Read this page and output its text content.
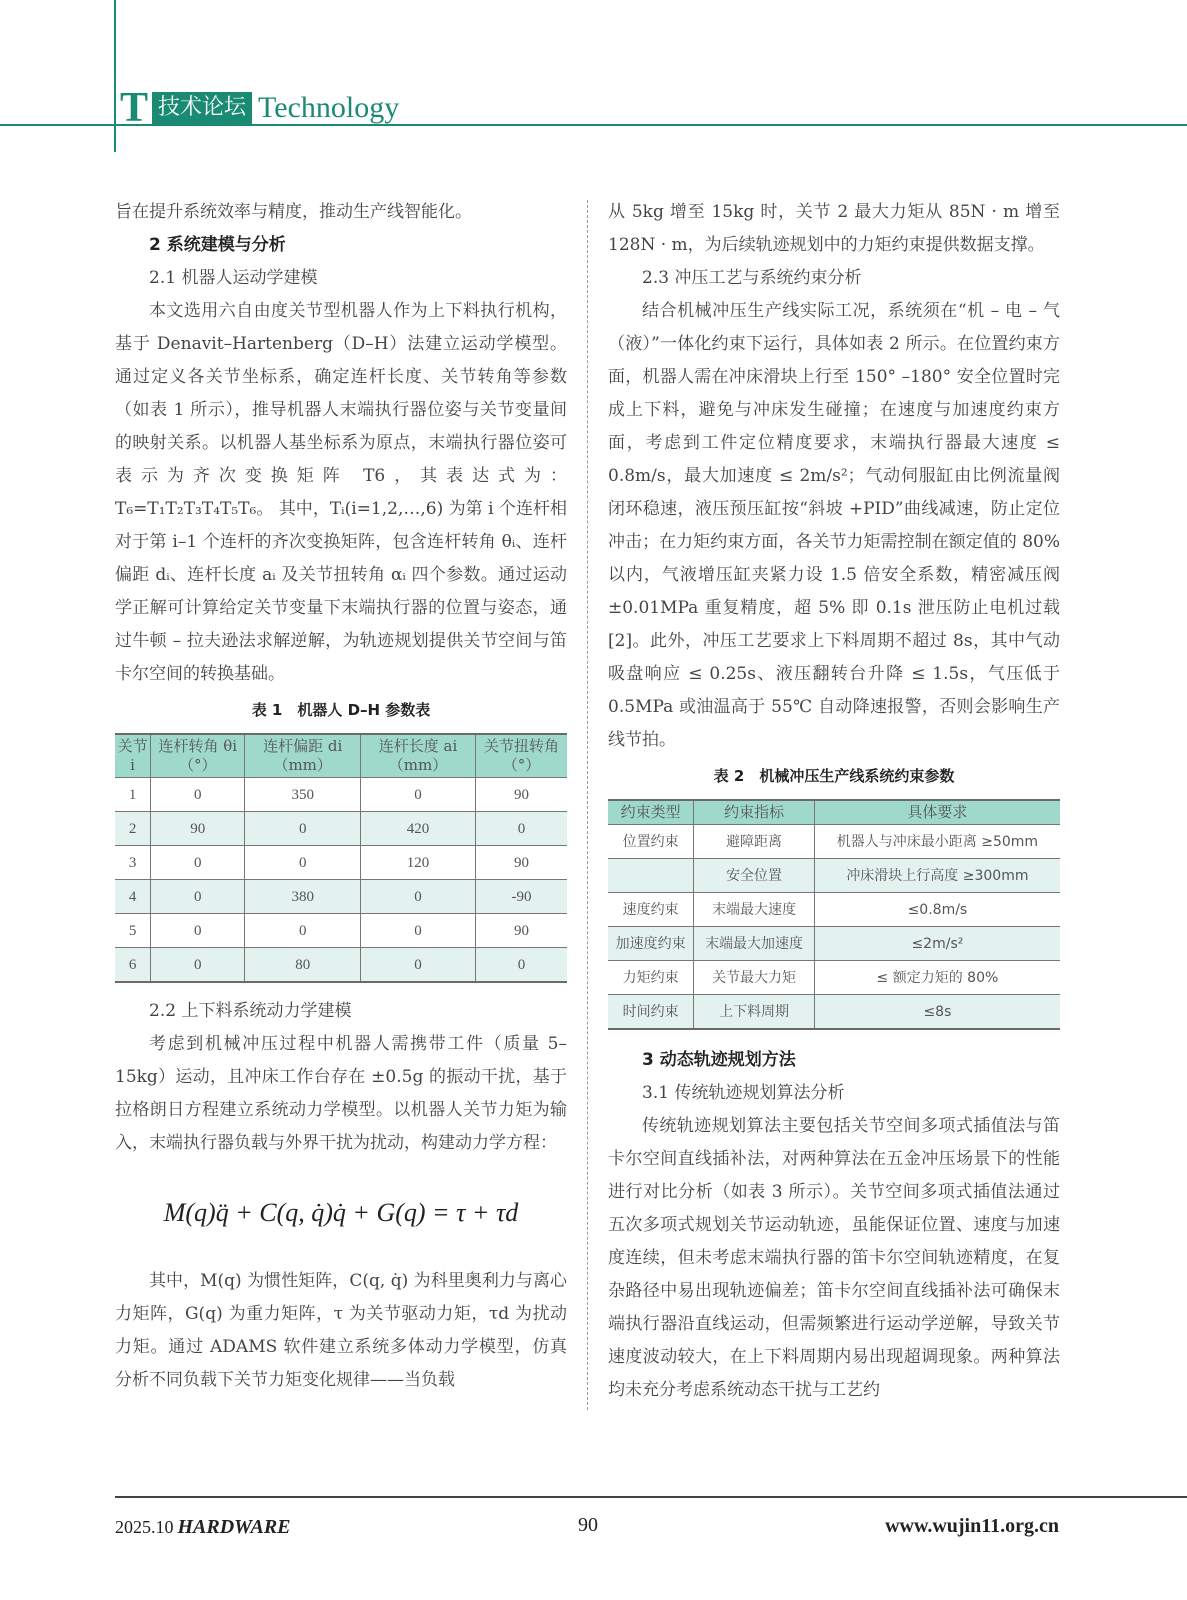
T 技术论坛 Technology

旨在提升系统效率与精度，推动生产线智能化。

2 系统建模与分析

2.1 机器人运动学建模

本文选用六自由度关节型机器人作为上下料执行机构，基于 Denavit–Hartenberg（D–H）法建立运动学模型。通过定义各关节坐标系，确定连杆长度、关节转角等参数（如表 1 所示），推导机器人末端执行器位姿与关节变量间的映射关系。以机器人基坐标系为原点，末端执行器位姿可表示为齐次变换矩阵 T6，其表达式为： T₆=T₁T₂T₃T₄T₅T₆。 其中，Tᵢ(i=1,2,…,6) 为第 i 个连杆相对于第 i–1 个连杆的齐次变换矩阵，包含连杆转角 θᵢ、连杆偏距 dᵢ、连杆长度 aᵢ 及关节扭转角 αᵢ 四个参数。通过运动学正解可计算给定关节变量下末端执行器的位置与姿态，通过牛顿 – 拉夫逊法求解逆解，为轨迹规划提供关节空间与笛卡尔空间的转换基础。

表 1　机器人 D–H 参数表
关节 i	连杆转角 θi（°）	连杆偏距 di（mm）	连杆长度 ai（mm）	关节扭转角（°）
1	0	350	0	90
2	90	0	420	0
3	0	0	120	90
4	0	380	0	-90
5	0	0	0	90
6	0	80	0	0

2.2 上下料系统动力学建模

考虑到机械冲压过程中机器人需携带工件（质量 5–15kg）运动，且冲床工作台存在 ±0.5g 的振动干扰，基于拉格朗日方程建立系统动力学模型。以机器人关节力矩为输入，末端执行器负载与外界干扰为扰动，构建动力学方程：

M(q)q̈ + C(q, q̇)q̇ + G(q) = τ + τd

其中，M(q) 为惯性矩阵，C(q, q̇) 为科里奥利力与离心力矩阵，G(q) 为重力矩阵，τ 为关节驱动力矩，τd 为扰动力矩。通过 ADAMS 软件建立系统多体动力学模型，仿真分析不同负载下关节力矩变化规律——当负载

从 5kg 增至 15kg 时，关节 2 最大力矩从 85N · m 增至 128N · m，为后续轨迹规划中的力矩约束提供数据支撑。

2.3 冲压工艺与系统约束分析

结合机械冲压生产线实际工况，系统须在“机 – 电 – 气（液）”一体化约束下运行，具体如表 2 所示。在位置约束方面，机器人需在冲床滑块上行至 150° –180° 安全位置时完成上下料，避免与冲床发生碰撞；在速度与加速度约束方面，考虑到工件定位精度要求，末端执行器最大速度 ≤ 0.8m/s，最大加速度 ≤ 2m/s²；气动伺服缸由比例流量阀闭环稳速，液压预压缸按“斜坡 +PID”曲线减速，防止定位冲击；在力矩约束方面，各关节力矩需控制在额定值的 80% 以内，气液增压缸夹紧力设 1.5 倍安全系数，精密减压阀 ±0.01MPa 重复精度，超 5% 即 0.1s 泄压防止电机过载 [2]。此外，冲压工艺要求上下料周期不超过 8s，其中气动吸盘响应 ≤ 0.25s、液压翻转台升降 ≤ 1.5s，气压低于 0.5MPa 或油温高于 55℃ 自动降速报警，否则会影响生产线节拍。

表 2　机械冲压生产线系统约束参数
约束类型	约束指标	具体要求
位置约束	避障距离	机器人与冲床最小距离 ≥50mm
	安全位置	冲床滑块上行高度 ≥300mm
速度约束	末端最大速度	≤0.8m/s
加速度约束	末端最大加速度	≤2m/s²
力矩约束	关节最大力矩	≤ 额定力矩的 80%
时间约束	上下料周期	≤8s

3 动态轨迹规划方法

3.1 传统轨迹规划算法分析

传统轨迹规划算法主要包括关节空间多项式插值法与笛卡尔空间直线插补法，对两种算法在五金冲压场景下的性能进行对比分析（如表 3 所示）。关节空间多项式插值法通过五次多项式规划关节运动轨迹，虽能保证位置、速度与加速度连续，但未考虑末端执行器的笛卡尔空间轨迹精度，在复杂路径中易出现轨迹偏差；笛卡尔空间直线插补法可确保末端执行器沿直线运动，但需频繁进行运动学逆解，导致关节速度波动较大，在上下料周期内易出现超调现象。两种算法均未充分考虑系统动态干扰与工艺约

2025.10 HARDWARE	90	www.wujin11.org.cn
